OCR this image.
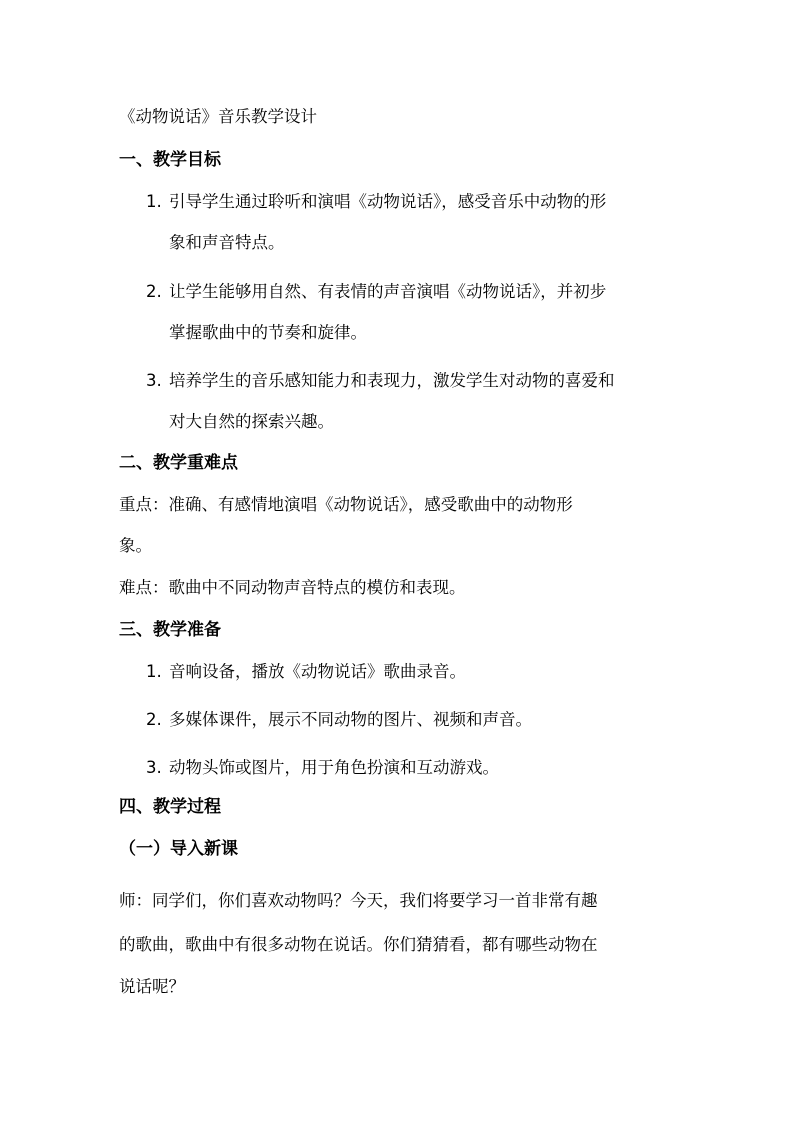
《动物说话》音乐教学设计
一、教学目标
1. 引导学生通过聆听和演唱《动物说话》，感受音乐中动物的形
象和声音特点。
2. 让学生能够用自然、有表情的声音演唱《动物说话》，并初步
掌握歌曲中的节奏和旋律。
3. 培养学生的音乐感知能力和表现力，激发学生对动物的喜爱和
对大自然的探索兴趣。
二、教学重难点
重点：准确、有感情地演唱《动物说话》，感受歌曲中的动物形
象。
难点：歌曲中不同动物声音特点的模仿和表现。
三、教学准备
1. 音响设备，播放《动物说话》歌曲录音。
2. 多媒体课件，展示不同动物的图片、视频和声音。
3. 动物头饰或图片，用于角色扮演和互动游戏。
四、教学过程
（一）导入新课
师：同学们，你们喜欢动物吗？今天，我们将要学习一首非常有趣
的歌曲，歌曲中有很多动物在说话。你们猜猜看，都有哪些动物在
说话呢？
